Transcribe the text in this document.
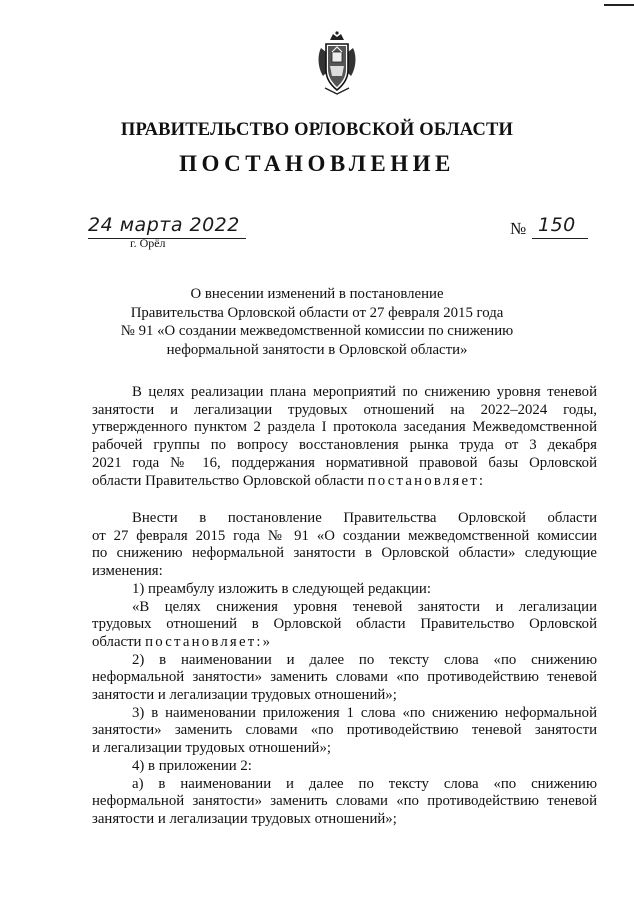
ПРАВИТЕЛЬСТВО ОРЛОВСКОЙ ОБЛАСТИ
ПОСТАНОВЛЕНИЕ
24 марта 2022
г. Орёл
№ 150
О внесении изменений в постановление
Правительства Орловской области от 27 февраля 2015 года
№ 91 «О создании межведомственной комиссии по снижению
неформальной занятости в Орловской области»
В целях реализации плана мероприятий по снижению уровня теневой
занятости и легализации трудовых отношений на 2022–2024 годы,
утвержденного пунктом 2 раздела I протокола заседания Межведомственной
рабочей группы по вопросу восстановления рынка труда от 3 декабря
2021 года № 16, поддержания нормативной правовой базы Орловской
области Правительство Орловской области постановляет:
Внести в постановление Правительства Орловской области
от 27 февраля 2015 года № 91 «О создании межведомственной комиссии
по снижению неформальной занятости в Орловской области» следующие
изменения:
1) преамбулу изложить в следующей редакции:
«В целях снижения уровня теневой занятости и легализации
трудовых отношений в Орловской области Правительство Орловской
области постановляет:»
2) в наименовании и далее по тексту слова «по снижению
неформальной занятости» заменить словами «по противодействию теневой
занятости и легализации трудовых отношений»;
3) в наименовании приложения 1 слова «по снижению неформальной
занятости» заменить словами «по противодействию теневой занятости
и легализации трудовых отношений»;
4) в приложении 2:
а) в наименовании и далее по тексту слова «по снижению
неформальной занятости» заменить словами «по противодействию теневой
занятости и легализации трудовых отношений»;
